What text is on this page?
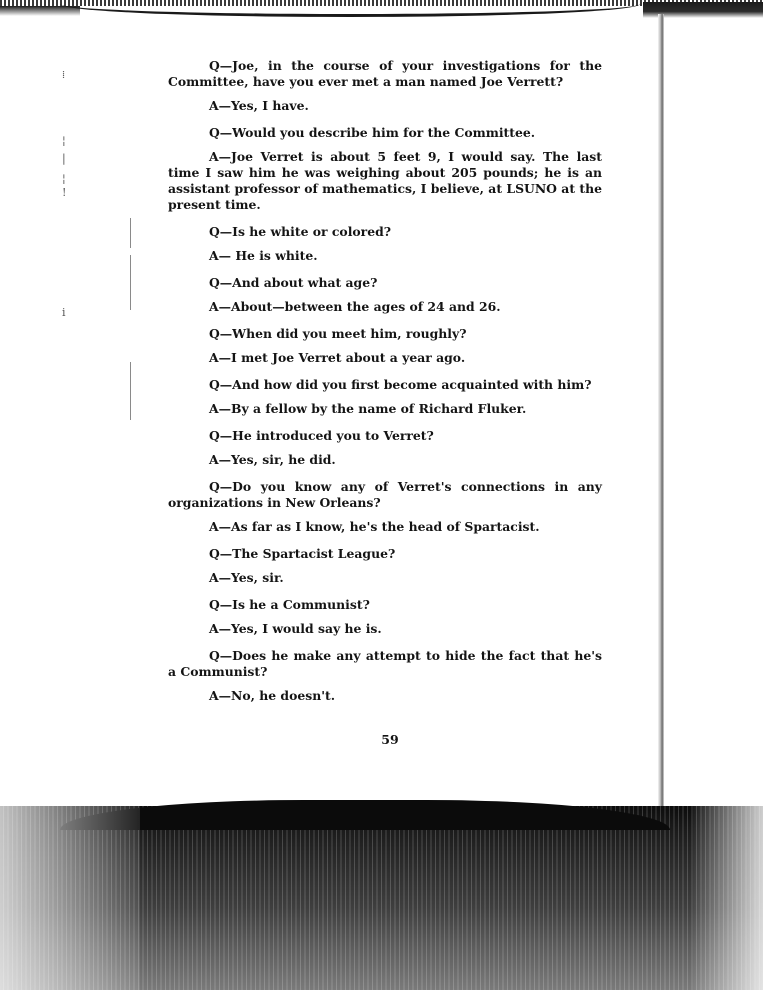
⁞
¦
|
¦
!
ⅰ

Q—Joe, in the course of your investigations for the Committee, have you ever met a man named Joe Verrett?

A—Yes, I have.

Q—Would you describe him for the Committee.

A—Joe Verret is about 5 feet 9, I would say. The last time I saw him he was weighing about 205 pounds; he is an assistant professor of mathematics, I believe, at LSUNO at the present time.

Q—Is he white or colored?

A— He is white.

Q—And about what age?

A—About—between the ages of 24 and 26.

Q—When did you meet him, roughly?

A—I met Joe Verret about a year ago.

Q—And how did you first become acquainted with him?

A—By a fellow by the name of Richard Fluker.

Q—He introduced you to Verret?

A—Yes, sir, he did.

Q—Do you know any of Verret's connections in any organizations in New Orleans?

A—As far as I know, he's the head of Spartacist.

Q—The Spartacist League?

A—Yes, sir.

Q—Is he a Communist?

A—Yes, I would say he is.

Q—Does he make any attempt to hide the fact that he's a Communist?

A—No, he doesn't.

59
